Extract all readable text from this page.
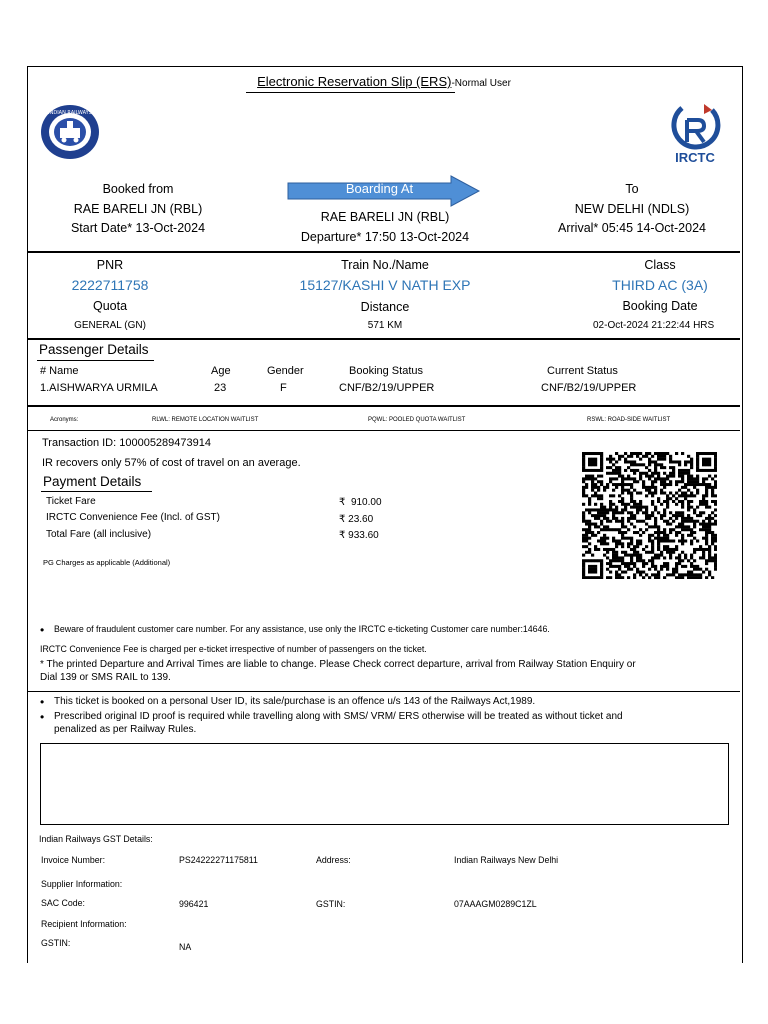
Electronic Reservation Slip (ERS)-Normal User
★ INDIAN RAILWAYS ★
IRCTC
Booked from
RAE BARELI JN (RBL)
Start Date* 13-Oct-2024
Boarding At
RAE BARELI JN (RBL)
Departure* 17:50 13-Oct-2024
To
NEW DELHI (NDLS)
Arrival* 05:45 14-Oct-2024
PNR
2222711758
Quota
GENERAL (GN)
Train No./Name
15127/KASHI V NATH EXP
Distance
571 KM
Class
THIRD AC (3A)
Booking Date
02-Oct-2024 21:22:44 HRS
Passenger Details
# Name	Age	Gender	Booking Status	Current Status
1.AISHWARYA URMILA	23	F	CNF/B2/19/UPPER	CNF/B2/19/UPPER
Acronyms:	RLWL: REMOTE LOCATION WAITLIST	PQWL: POOLED QUOTA WAITLIST	RSWL: ROAD-SIDE WAITLIST
Transaction ID: 100005289473914
IR recovers only 57% of cost of travel on an average.
Payment Details
Ticket Fare	₹ 910.00
IRCTC Convenience Fee (Incl. of GST)	₹ 23.60
Total Fare (all inclusive)	₹ 933.60
PG Charges as applicable (Additional)
Beware of fraudulent customer care number. For any assistance, use only the IRCTC e-ticketing Customer care number:14646.
IRCTC Convenience Fee is charged per e-ticket irrespective of number of passengers on the ticket.
* The printed Departure and Arrival Times are liable to change. Please Check correct departure, arrival from Railway Station Enquiry or
Dial 139 or SMS RAIL to 139.
This ticket is booked on a personal User ID, its sale/purchase is an offence u/s 143 of the Railways Act,1989.
Prescribed original ID proof is required while travelling along with SMS/ VRM/ ERS otherwise will be treated as without ticket and
penalized as per Railway Rules.
Indian Railways GST Details:
Invoice Number:	PS24222271175811	Address:	Indian Railways New Delhi
Supplier Information:
SAC Code:	996421	GSTIN:	07AAAGM0289C1ZL
Recipient Information:
GSTIN:	NA
